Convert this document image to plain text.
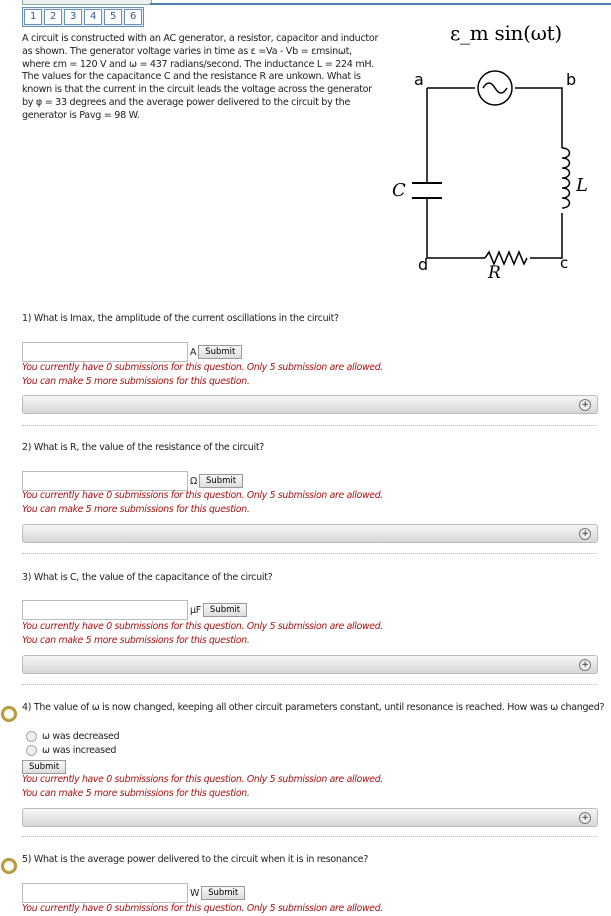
1	2	3	4	5	6
A circuit is constructed with an AC generator, a resistor, capacitor and inductor as shown. The generator voltage varies in time as ε =Va - Vb = εmsinωt, where εm = 120 V and ω = 437 radians/second. The inductance L = 224 mH. The values for the capacitance C and the resistance R are unkown. What is known is that the current in the circuit leads the voltage across the generator by φ = 33 degrees and the average power delivered to the circuit by the generator is Pavg = 98 W.
ε_m sin(ωt)
a	b
c
d
C	L
R
1) What is Imax, the amplitude of the current oscillations in the circuit?
A	Submit
You currently have 0 submissions for this question. Only 5 submission are allowed.
You can make 5 more submissions for this question.
+
2) What is R, the value of the resistance of the circuit?
Ω	Submit
You currently have 0 submissions for this question. Only 5 submission are allowed.
You can make 5 more submissions for this question.
+
3) What is C, the value of the capacitance of the circuit?
μF	Submit
You currently have 0 submissions for this question. Only 5 submission are allowed.
You can make 5 more submissions for this question.
+
4) The value of ω is now changed, keeping all other circuit parameters constant, until resonance is reached. How was ω changed?
ω was decreased
ω was increased
Submit
You currently have 0 submissions for this question. Only 5 submission are allowed.
You can make 5 more submissions for this question.
+
5) What is the average power delivered to the circuit when it is in resonance?
W	Submit
You currently have 0 submissions for this question. Only 5 submission are allowed.
